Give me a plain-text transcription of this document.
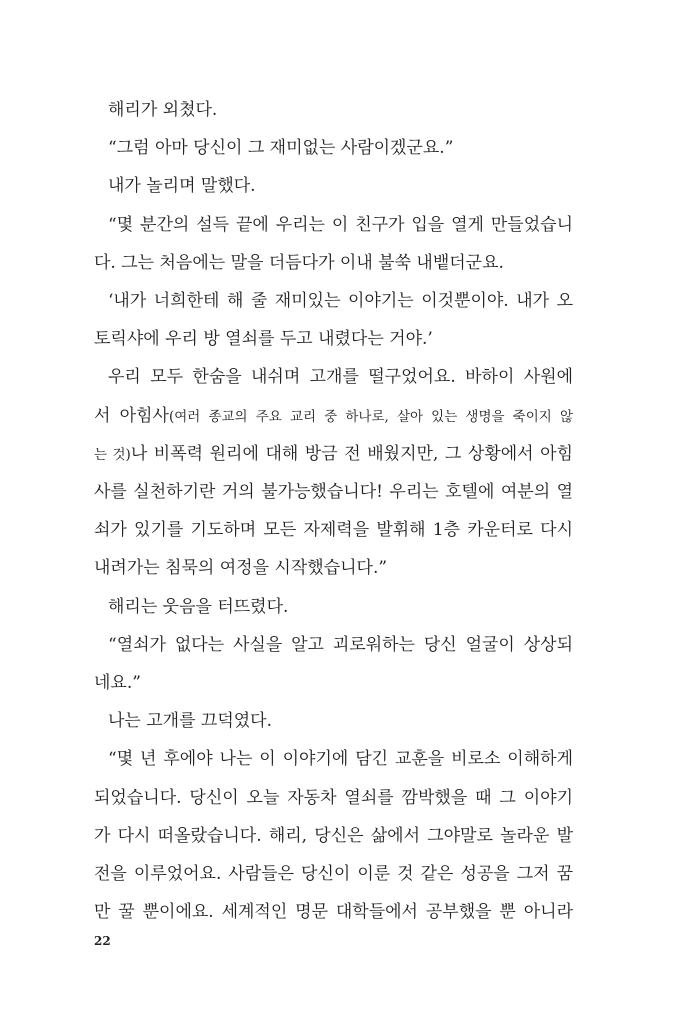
해리가 외쳤다.
“그럼 아마 당신이 그 재미없는 사람이겠군요.”
내가 놀리며 말했다.
“몇 분간의 설득 끝에 우리는 이 친구가 입을 열게 만들었습니
다. 그는 처음에는 말을 더듬다가 이내 불쑥 내뱉더군요.
‘내가 너희한테 해 줄 재미있는 이야기는 이것뿐이야. 내가 오
토릭샤에 우리 방 열쇠를 두고 내렸다는 거야.’
우리 모두 한숨을 내쉬며 고개를 떨구었어요. 바하이 사원에
서 아힘사(여러 종교의 주요 교리 중 하나로, 살아 있는 생명을 죽이지 않
는 것)나 비폭력 원리에 대해 방금 전 배웠지만, 그 상황에서 아힘
사를 실천하기란 거의 불가능했습니다! 우리는 호텔에 여분의 열
쇠가 있기를 기도하며 모든 자제력을 발휘해 1층 카운터로 다시
내려가는 침묵의 여정을 시작했습니다.”
해리는 웃음을 터뜨렸다.
“열쇠가 없다는 사실을 알고 괴로워하는 당신 얼굴이 상상되
네요.”
나는 고개를 끄덕였다.
“몇 년 후에야 나는 이 이야기에 담긴 교훈을 비로소 이해하게
되었습니다. 당신이 오늘 자동차 열쇠를 깜박했을 때 그 이야기
가 다시 떠올랐습니다. 해리, 당신은 삶에서 그야말로 놀라운 발
전을 이루었어요. 사람들은 당신이 이룬 것 같은 성공을 그저 꿈
만 꿀 뿐이에요. 세계적인 명문 대학들에서 공부했을 뿐 아니라
22
